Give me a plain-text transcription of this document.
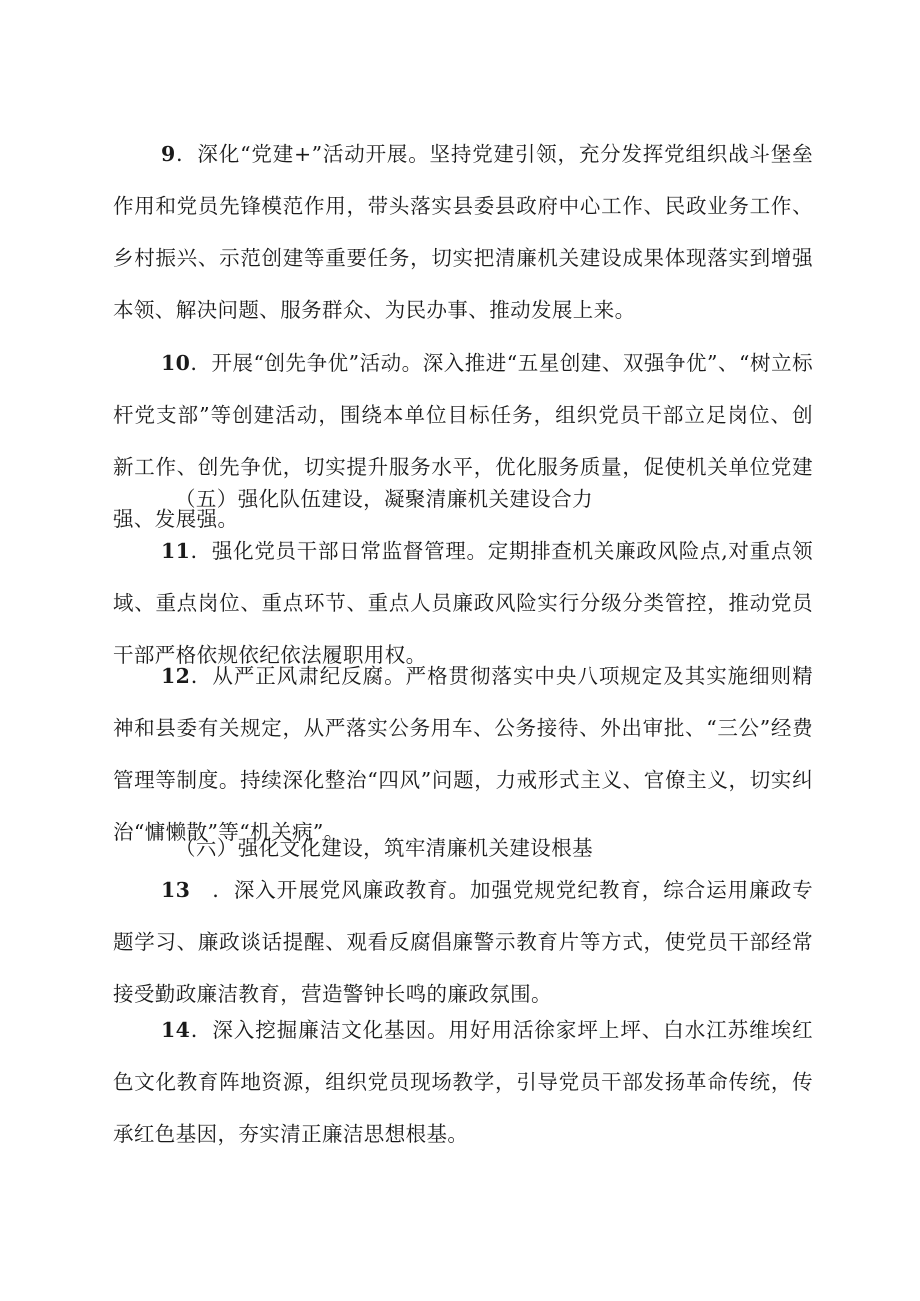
9．深化“党建+”活动开展。坚持党建引领，充分发挥党组织战斗堡垒作用和党员先锋模范作用，带头落实县委县政府中心工作、民政业务工作、乡村振兴、示范创建等重要任务，切实把清廉机关建设成果体现落实到增强本领、解决问题、服务群众、为民办事、推动发展上来。

10．开展“创先争优”活动。深入推进“五星创建、双强争优”、“树立标杆党支部”等创建活动，围绕本单位目标任务，组织党员干部立足岗位、创新工作、创先争优，切实提升服务水平，优化服务质量，促使机关单位党建强、发展强。

（五）强化队伍建设，凝聚清廉机关建设合力

11．强化党员干部日常监督管理。定期排查机关廉政风险点,对重点领域、重点岗位、重点环节、重点人员廉政风险实行分级分类管控，推动党员干部严格依规依纪依法履职用权。

12．从严正风肃纪反腐。严格贯彻落实中央八项规定及其实施细则精神和县委有关规定，从严落实公务用车、公务接待、外出审批、“三公”经费管理等制度。持续深化整治“四风”问题，力戒形式主义、官僚主义，切实纠治“慵懒散”等“机关病”。

（六）强化文化建设，筑牢清廉机关建设根基

13　．深入开展党风廉政教育。加强党规党纪教育，综合运用廉政专题学习、廉政谈话提醒、观看反腐倡廉警示教育片等方式，使党员干部经常接受勤政廉洁教育，营造警钟长鸣的廉政氛围。

14．深入挖掘廉洁文化基因。用好用活徐家坪上坪、白水江苏维埃红色文化教育阵地资源，组织党员现场教学，引导党员干部发扬革命传统，传承红色基因，夯实清正廉洁思想根基。
